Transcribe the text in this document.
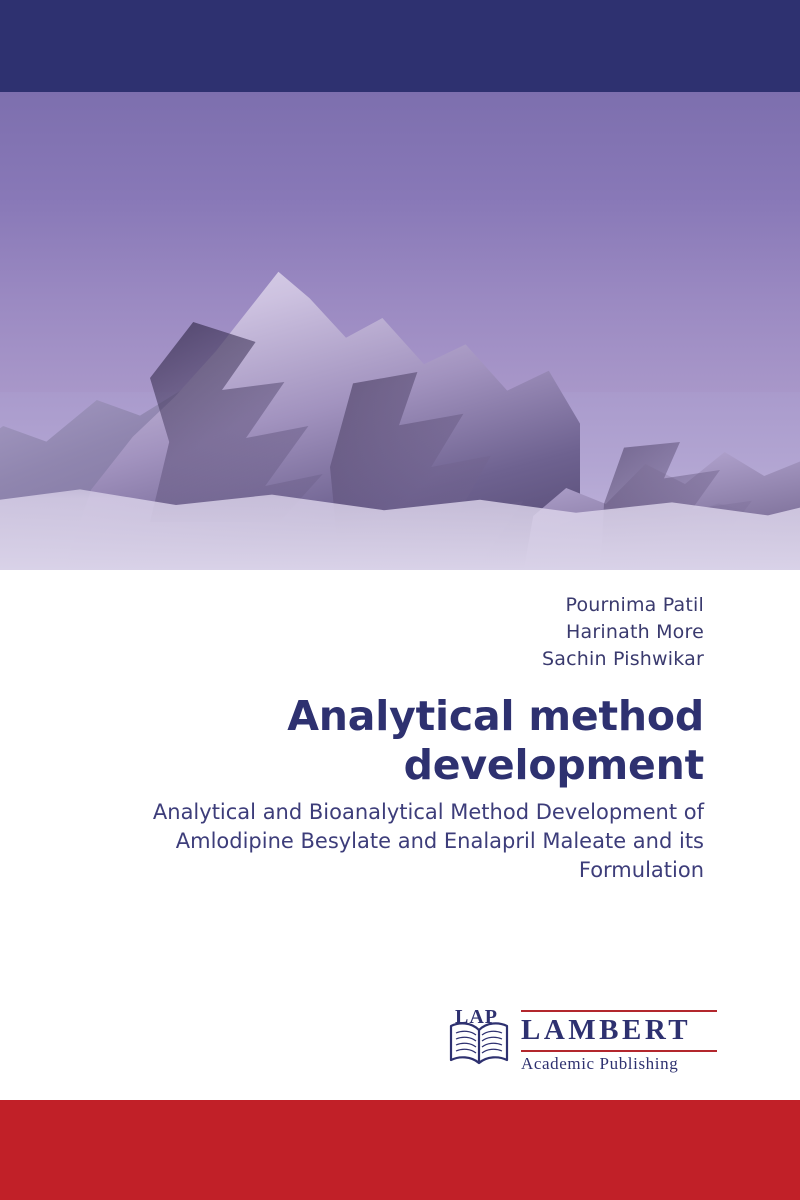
Pournima Patil
Harinath More
Sachin Pishwikar
Analytical method development
Analytical and Bioanalytical Method Development of Amlodipine Besylate and Enalapril Maleate and its Formulation
LAP LAMBERT
Academic Publishing
